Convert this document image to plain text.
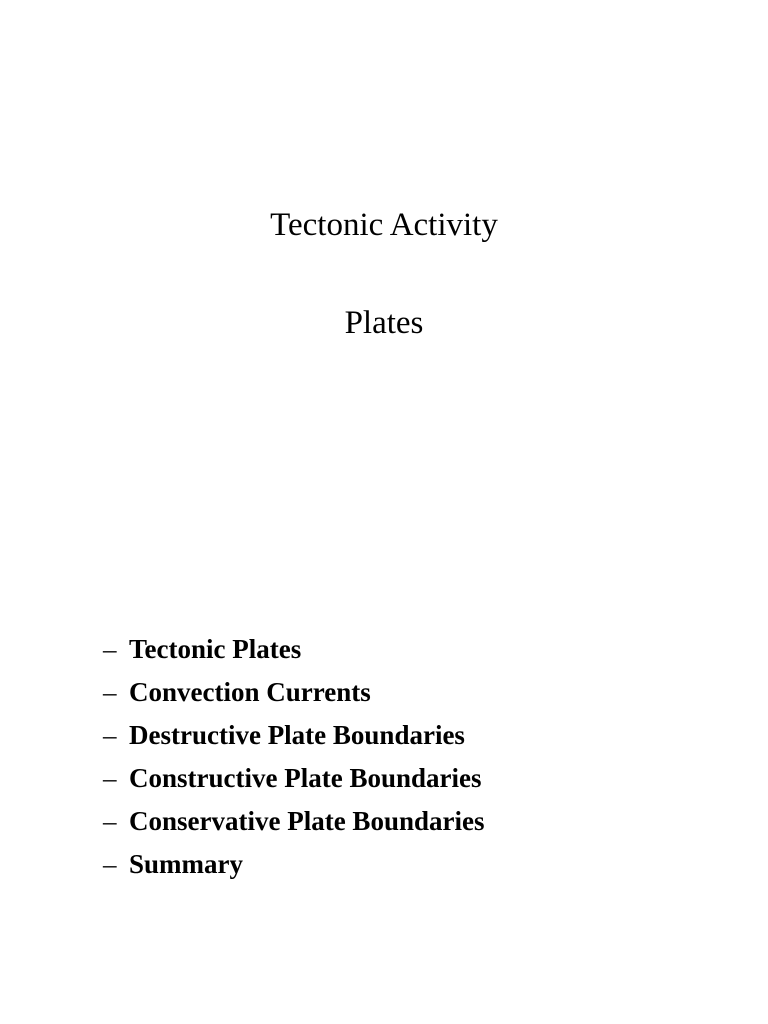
Tectonic Activity
Plates
– Tectonic Plates
– Convection Currents
– Destructive Plate Boundaries
– Constructive Plate Boundaries
– Conservative Plate Boundaries
– Summary
